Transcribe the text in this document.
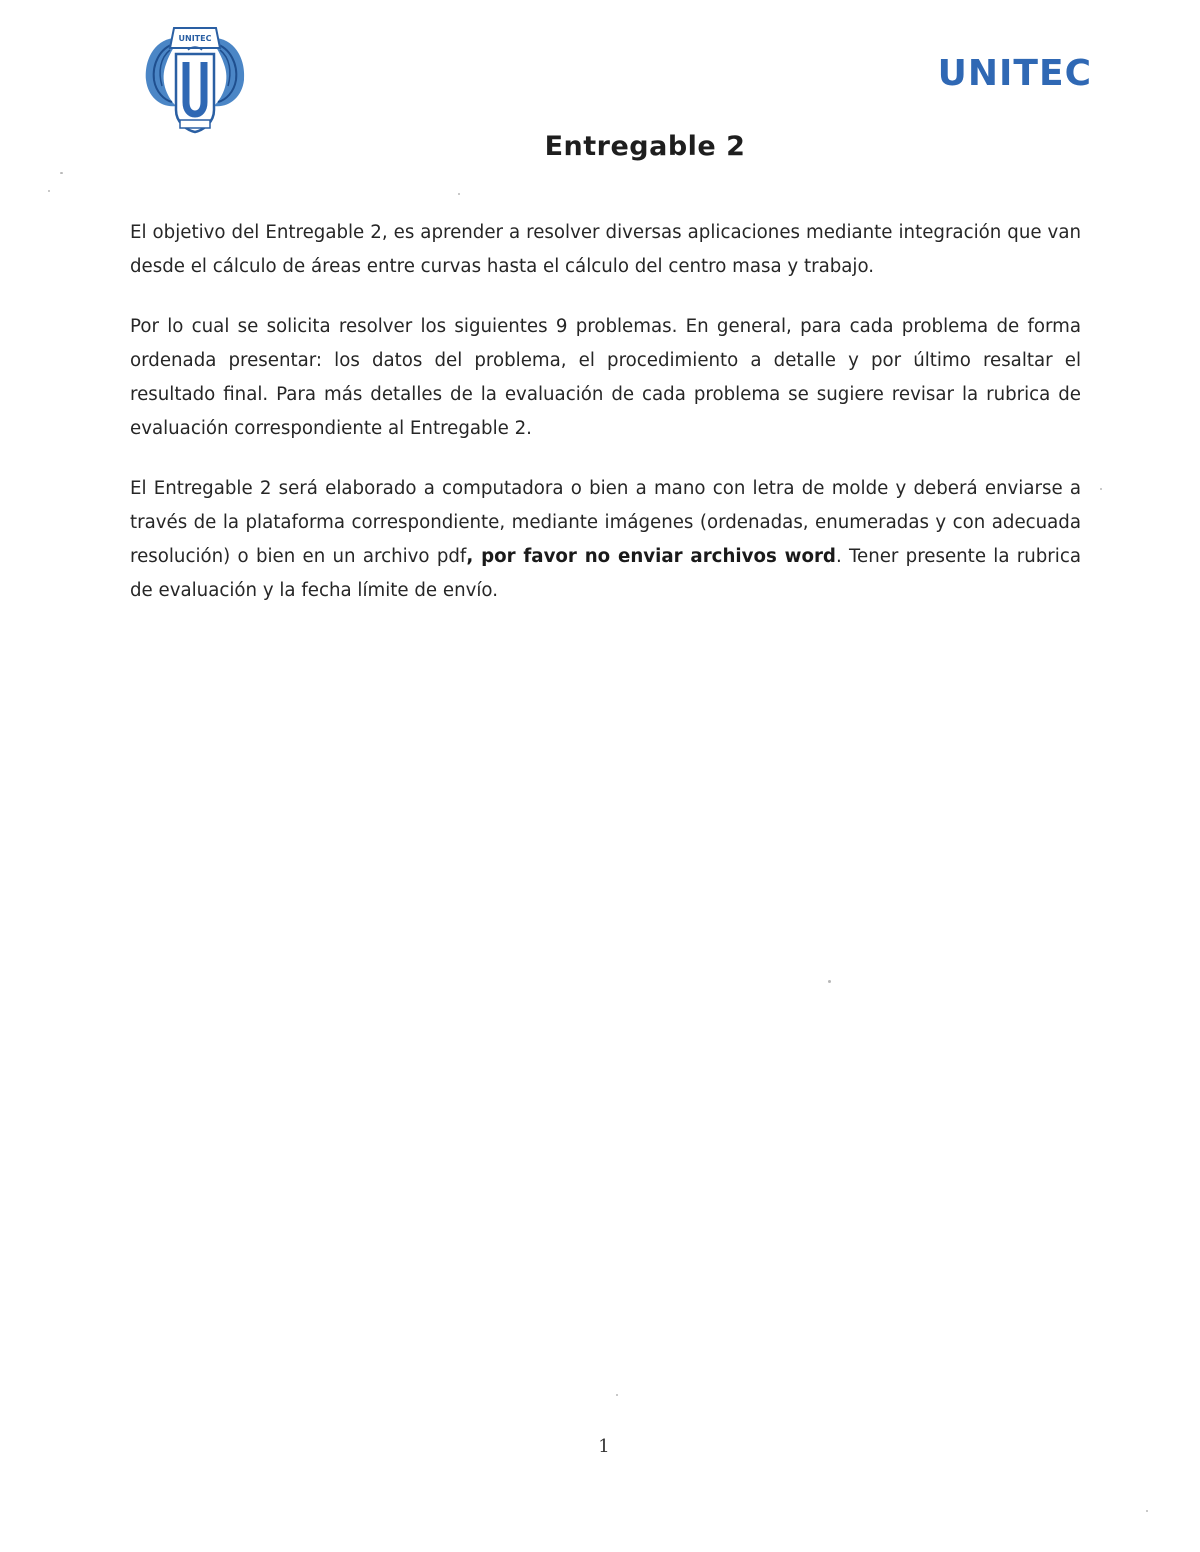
UNITEC
UNITEC
Entregable 2

El objetivo del Entregable 2, es aprender a resolver diversas aplicaciones mediante integración que van desde el cálculo de áreas entre curvas hasta el cálculo del centro masa y trabajo.

Por lo cual se solicita resolver los siguientes 9 problemas. En general, para cada problema de forma ordenada presentar: los datos del problema, el procedimiento a detalle y por último resaltar el resultado final. Para más detalles de la evaluación de cada problema se sugiere revisar la rubrica de evaluación correspondiente al Entregable 2.

El Entregable 2 será elaborado a computadora o bien a mano con letra de molde y deberá enviarse a través de la plataforma correspondiente, mediante imágenes (ordenadas, enumeradas y con adecuada resolución) o bien en un archivo pdf, por favor no enviar archivos word. Tener presente la rubrica de evaluación y la fecha límite de envío.

1
